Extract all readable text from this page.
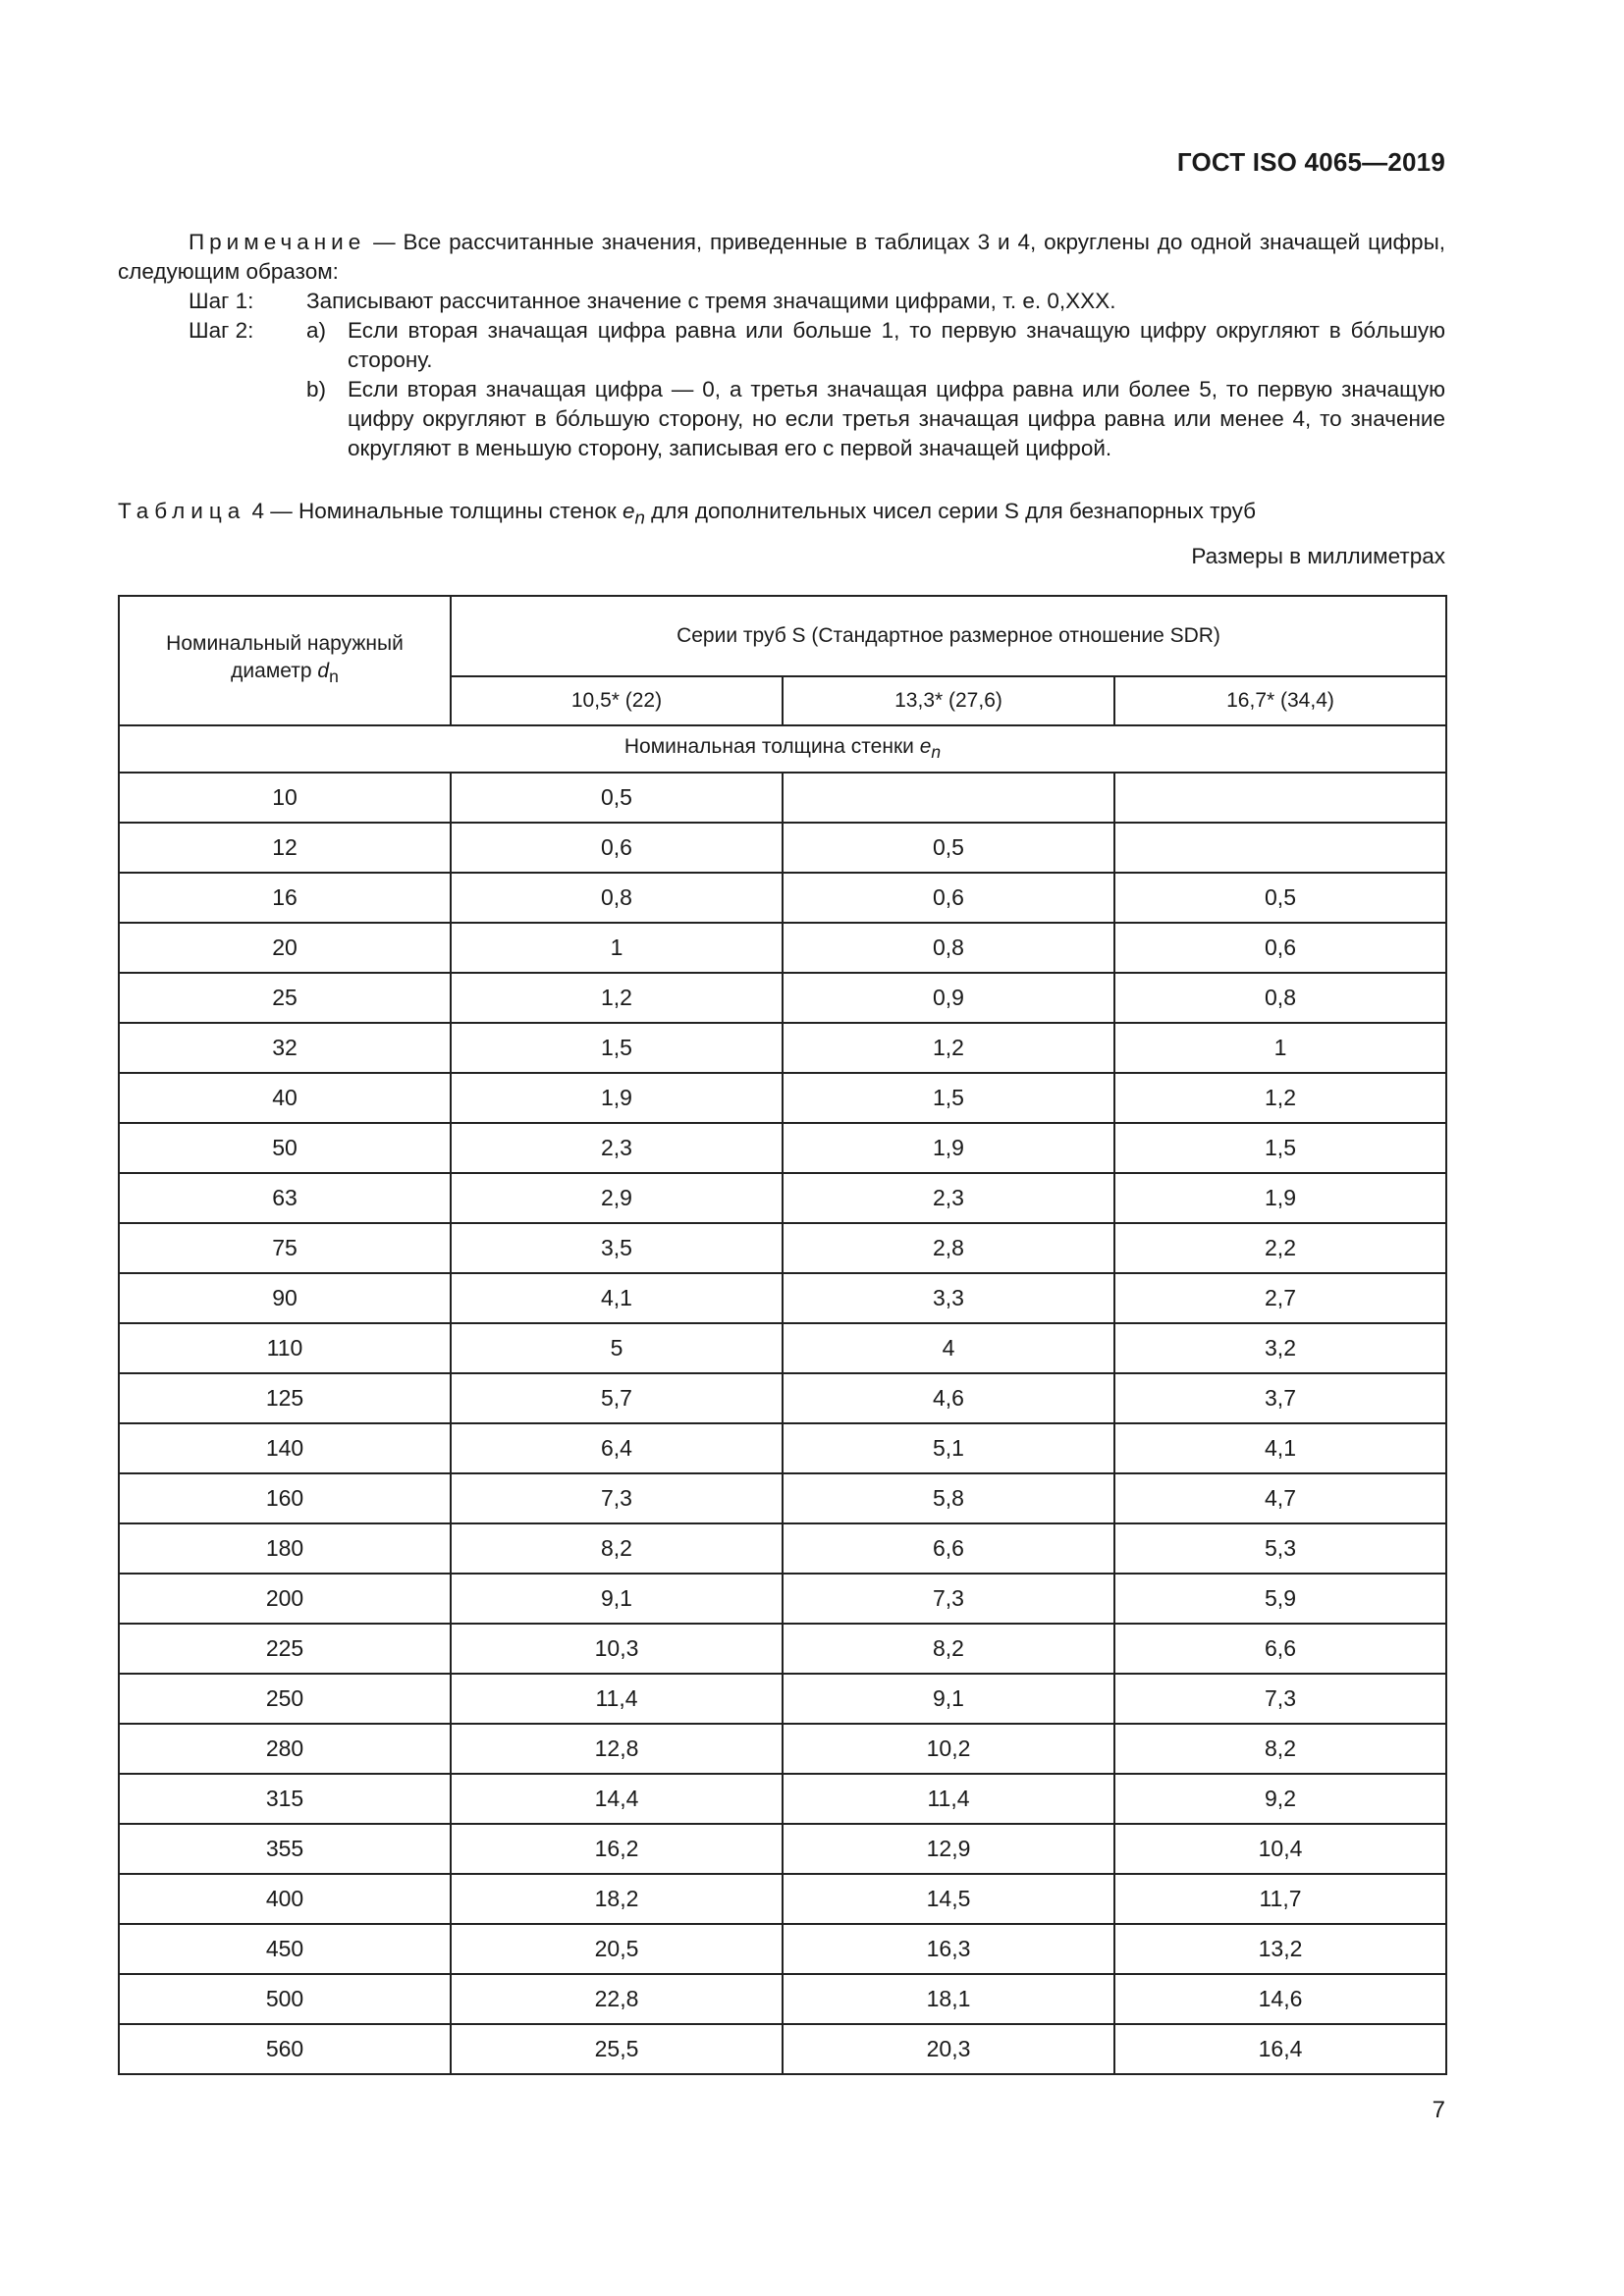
ГОСТ ISO 4065—2019

Примечание — Все рассчитанные значения, приведенные в таблицах 3 и 4, округлены до одной значащей цифры, следующим образом:

Шаг 1:	Записывают рассчитанное значение с тремя значащими цифрами, т. е. 0,XXX.
Шаг 2:	a) Если вторая значащая цифра равна или больше 1, то первую значащую цифру округляют в бóльшую сторону.
b) Если вторая значащая цифра — 0, а третья значащая цифра равна или более 5, то первую значащую цифру округляют в бóльшую сторону, но если третья значащая цифра равна или менее 4, то значение округляют в меньшую сторону, записывая его с первой значащей цифрой.
Таблица 4 — Номинальные толщины стенок $e_n$ для дополнительных чисел серии S для безнапорных труб
Размеры в миллиметрах
Номинальный наружный
диаметр $d_n$	Серии труб S (Стандартное размерное отношение SDR)		
	10,5* (22)	13,3* (27,6)	16,7* (34,4)
Номинальная толщина стенки $e_n$
10	0,5		
12	0,6	0,5	
16	0,8	0,6	0,5
20	1	0,8	0,6
25	1,2	0,9	0,8
32	1,5	1,2	1
40	1,9	1,5	1,2
50	2,3	1,9	1,5
63	2,9	2,3	1,9
75	3,5	2,8	2,2
90	4,1	3,3	2,7
110	5	4	3,2
125	5,7	4,6	3,7
140	6,4	5,1	4,1
160	7,3	5,8	4,7
180	8,2	6,6	5,3
200	9,1	7,3	5,9
225	10,3	8,2	6,6
250	11,4	9,1	7,3
280	12,8	10,2	8,2
315	14,4	11,4	9,2
355	16,2	12,9	10,4
400	18,2	14,5	11,7
450	20,5	16,3	13,2
500	22,8	18,1	14,6
560	25,5	20,3	16,4
7
